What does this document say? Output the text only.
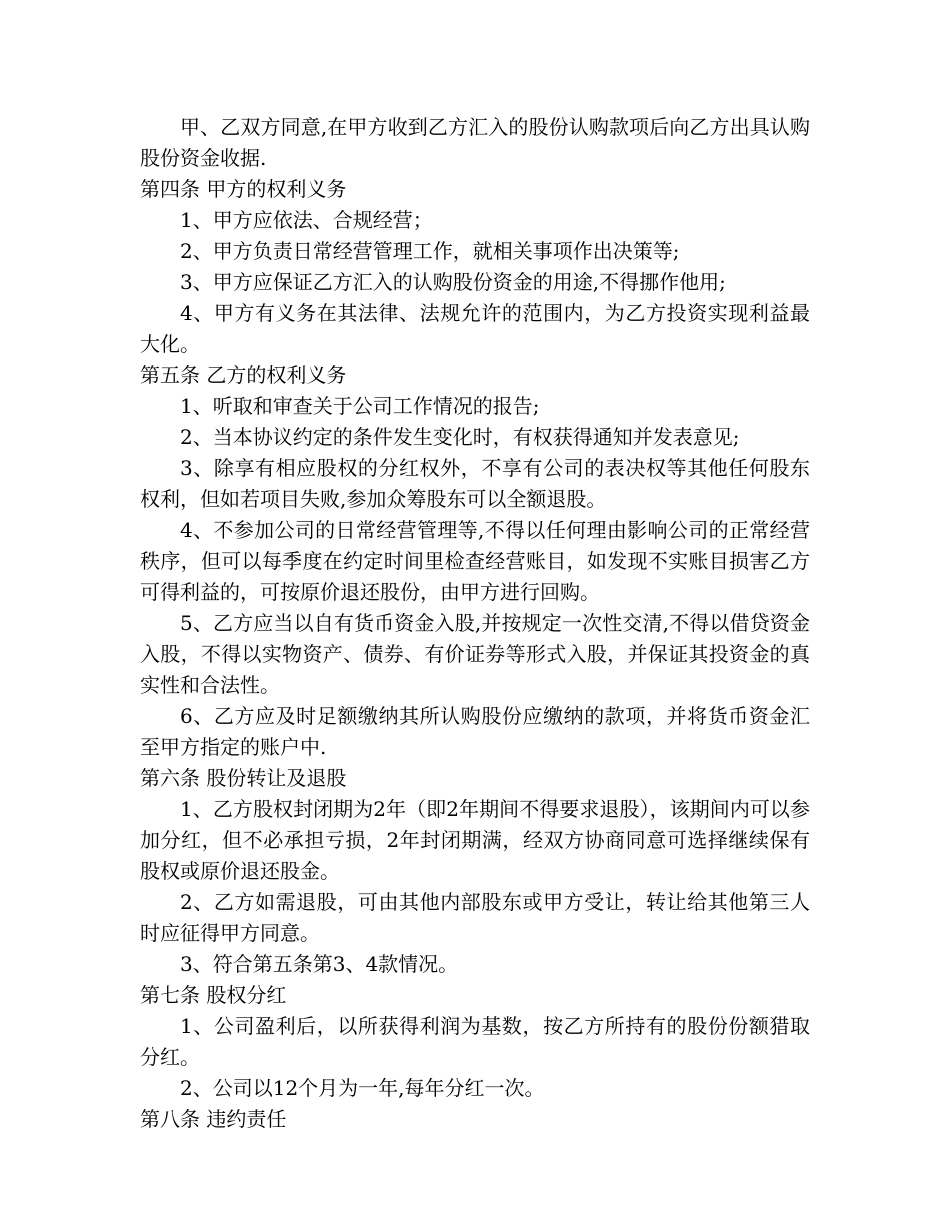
甲、乙双方同意,在甲方收到乙方汇入的股份认购款项后向乙方出具认购股份资金收据.

第四条 甲方的权利义务

1、甲方应依法、合规经营；

2、甲方负责日常经营管理工作，就相关事项作出决策等;

3、甲方应保证乙方汇入的认购股份资金的用途,不得挪作他用;

4、甲方有义务在其法律、法规允许的范围内，为乙方投资实现利益最大化。

第五条 乙方的权利义务

1、听取和审查关于公司工作情况的报告;

2、当本协议约定的条件发生变化时，有权获得通知并发表意见;

3、除享有相应股权的分红权外，不享有公司的表决权等其他任何股东权利，但如若项目失败,参加众筹股东可以全额退股。

4、不参加公司的日常经营管理等,不得以任何理由影响公司的正常经营秩序，但可以每季度在约定时间里检查经营账目，如发现不实账目损害乙方可得利益的，可按原价退还股份，由甲方进行回购。

5、乙方应当以自有货币资金入股,并按规定一次性交清,不得以借贷资金入股，不得以实物资产、债券、有价证券等形式入股，并保证其投资金的真实性和合法性。

6、乙方应及时足额缴纳其所认购股份应缴纳的款项，并将货币资金汇至甲方指定的账户中.

第六条 股份转让及退股

1、乙方股权封闭期为2年（即2年期间不得要求退股），该期间内可以参加分红，但不必承担亏损，2年封闭期满，经双方协商同意可选择继续保有股权或原价退还股金。

2、乙方如需退股，可由其他内部股东或甲方受让，转让给其他第三人时应征得甲方同意。

3、符合第五条第3、4款情况。

第七条 股权分红

1、公司盈利后，以所获得利润为基数，按乙方所持有的股份份额猎取分红。

2、公司以12个月为一年,每年分红一次。

第八条 违约责任
